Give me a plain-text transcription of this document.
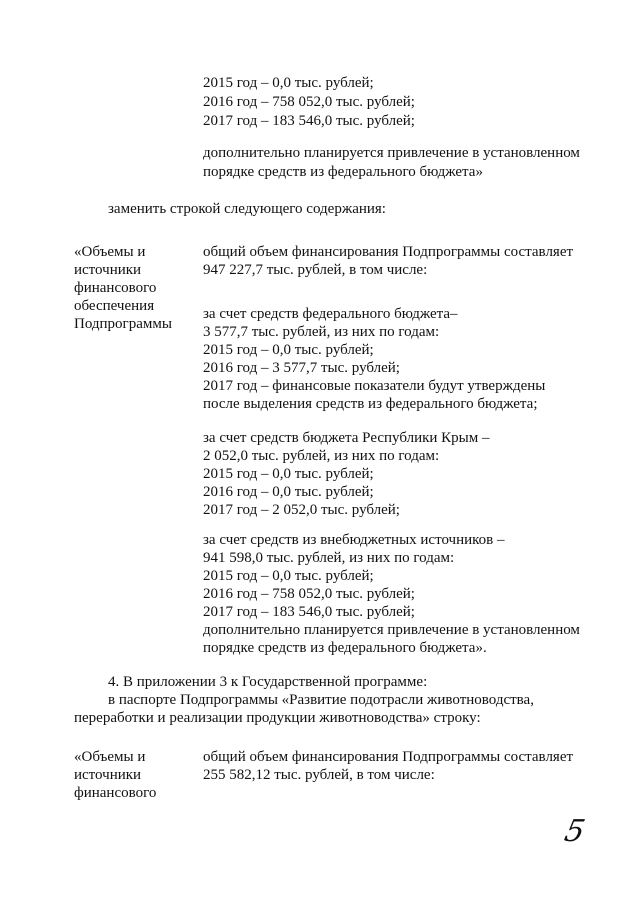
2015 год – 0,0 тыс. рублей;
2016 год – 758 052,0 тыс. рублей;
2017 год – 183 546,0 тыс. рублей;
дополнительно планируется привлечение в установленном
порядке средств из федерального бюджета»
заменить строкой следующего содержания:
«Объемы и
источники
финансового
обеспечения
Подпрограммы
общий объем финансирования Подпрограммы составляет
947 227,7 тыс. рублей, в том числе:
за счет средств федерального бюджета–
3 577,7 тыс. рублей, из них по годам:
2015 год – 0,0 тыс. рублей;
2016 год – 3 577,7 тыс. рублей;
2017 год – финансовые показатели будут утверждены
после выделения средств из федерального бюджета;
за счет средств бюджета Республики Крым –
2 052,0 тыс. рублей, из них по годам:
2015 год – 0,0 тыс. рублей;
2016 год – 0,0 тыс. рублей;
2017 год – 2 052,0 тыс. рублей;
за счет средств из внебюджетных источников –
941 598,0 тыс. рублей, из них по годам:
2015 год – 0,0 тыс. рублей;
2016 год – 758 052,0 тыс. рублей;
2017 год – 183 546,0 тыс. рублей;
дополнительно планируется привлечение в установленном
порядке средств из федерального бюджета».
4. В приложении 3 к Государственной программе:
в паспорте Подпрограммы «Развитие подотрасли животноводства,
переработки и реализации продукции животноводства» строку:
«Объемы и
источники
финансового
общий объем финансирования Подпрограммы составляет
255 582,12 тыс. рублей, в том числе:
5
